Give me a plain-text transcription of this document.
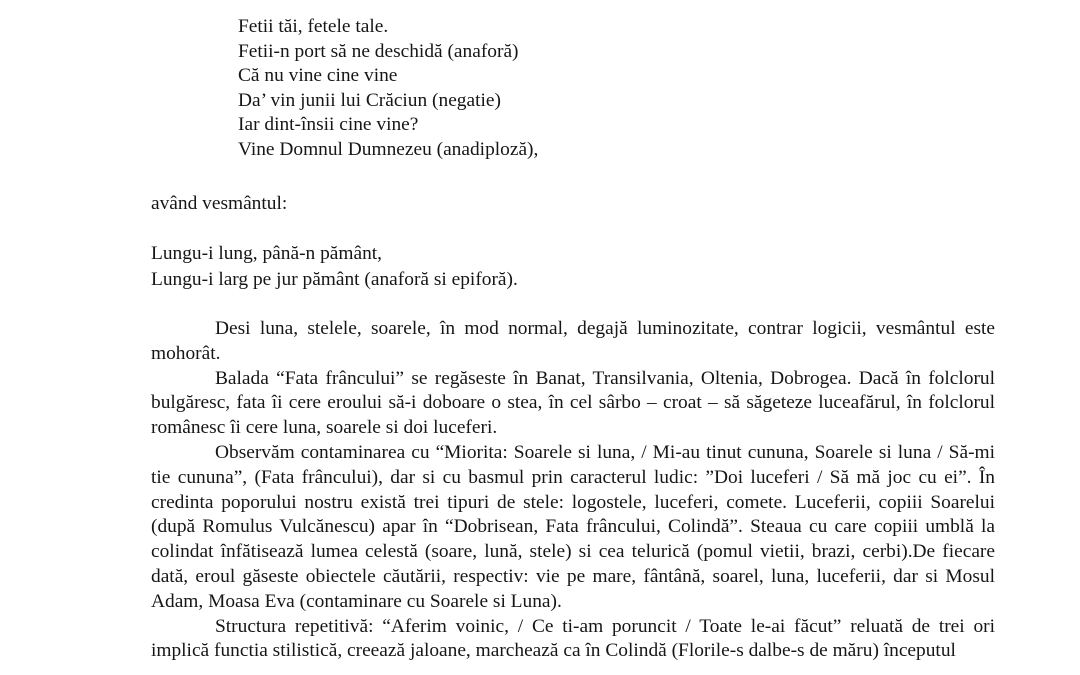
Fetii tăi, fetele tale.
Fetii-n port să ne deschidă (anaforă)
Că nu vine cine vine
Da’ vin junii lui Crăciun (negatie)
Iar dint-însii cine vine?
Vine Domnul Dumnezeu (anadiploză),
având vesmântul:
Lungu-i lung, până-n pământ,
Lungu-i larg pe jur pământ (anaforă si epiforă).

Desi luna, stelele, soarele, în mod normal, degajă luminozitate, contrar logicii, vesmântul este mohorât.

Balada “Fata frâncului” se regăseste în Banat, Transilvania, Oltenia, Dobrogea. Dacă în folclorul bulgăresc, fata îi cere eroului să-i doboare o stea, în cel sârbo – croat – să săgeteze luceafărul, în folclorul românesc îi cere luna, soarele si doi luceferi.

Observăm contaminarea cu “Miorita: Soarele si luna, / Mi-au tinut cununa, Soarele si luna / Să-mi tie cununa”, (Fata frâncului), dar si cu basmul prin caracterul ludic: ”Doi luceferi / Să mă joc cu ei”. În credinta poporului nostru există trei tipuri de stele: logostele, luceferi, comete. Luceferii, copiii Soarelui (după Romulus Vulcănescu) apar în “Dobrisean, Fata frâncului, Colindă”. Steaua cu care copiii umblă la colindat înfătisează lumea celestă (soare, lună, stele) si cea telurică (pomul vietii, brazi, cerbi).De fiecare dată, eroul găseste obiectele căutării, respectiv: vie pe mare, fântână, soarel, luna, luceferii, dar si Mosul Adam, Moasa Eva (contaminare cu Soarele si Luna).

Structura repetitivă: “Aferim voinic, / Ce ti-am poruncit / Toate le-ai făcut” reluată de trei ori implică functia stilistică, creează jaloane, marchează ca în Colindă (Florile-s dalbe-s de măru) începutul
